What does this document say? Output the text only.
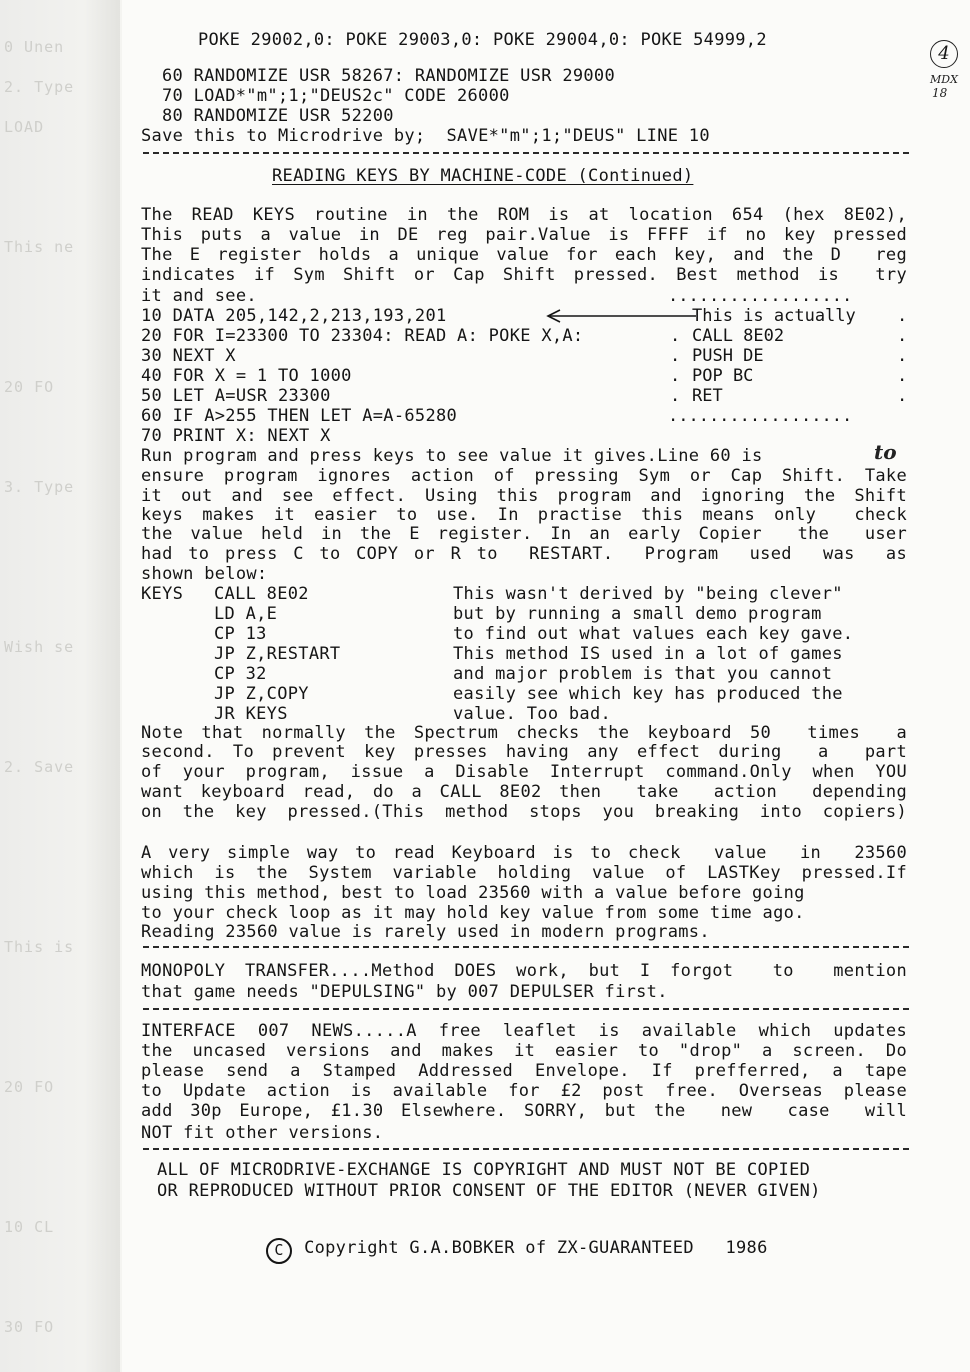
0 Unen
2. Type
LOAD
This ne
20 FO
3. Type
Wish se
2. Save
This is
20 FO
10 CL
30 FO
4
MDX
18
POKE 29002,0: POKE 29003,0: POKE 29004,0: POKE 54999,2
60 RANDOMIZE USR 58267: RANDOMIZE USR 29000
70 LOAD*"m";1;"DEUS2c" CODE 26000
80 RANDOMIZE USR 52200
Save this to Microdrive by;  SAVE*"m";1;"DEUS" LINE 10
READING KEYS BY MACHINE-CODE (Continued)
The READ KEYS routine in the ROM is at location 654 (hex 8E02),
This puts a value in DE reg pair.Value is FFFF if no key pressed
The E register holds a unique value for each key, and the D  reg
indicates if Sym Shift or Cap Shift pressed. Best method is  try
it and see.
10 DATA 205,142,2,213,193,201
20 FOR I=23300 TO 23304: READ A: POKE X,A:
30 NEXT X
40 FOR X = 1 TO 1000
50 LET A=USR 23300
60 IF A>255 THEN LET A=A-65280
70 PRINT X: NEXT X
..................
This is actually
CALL 8E02
PUSH DE
POP BC
RET
..................
.
.
.
.
.
.
.
.
.
Run program and press keys to see value it gives.Line 60 is	to
ensure program ignores action of pressing Sym or Cap Shift. Take
it out and see effect. Using this program and ignoring the Shift
keys makes it easier to use. In practise this means only  check
the value held in the E register. In an early Copier  the  user
had to press C to COPY or R to  RESTART.  Program  used  was  as
shown below:
KEYS CALL 8E02
LD A,E
CP 13
JP Z,RESTART
CP 32
JP Z,COPY
JR KEYS
This wasn't derived by "being clever"
but by running a small demo program
to find out what values each key gave.
This method IS used in a lot of games
and major problem is that you cannot
easily see which key has produced the
value. Too bad.
Note that normally the Spectrum checks the keyboard 50  times  a
second. To prevent key presses having any effect during  a  part
of your program, issue a Disable Interrupt command.Only when YOU
want keyboard read, do a CALL 8E02 then  take  action  depending
on the key pressed.(This method stops you breaking into copiers)
A very simple way to read Keyboard is to check  value  in  23560
which is the System variable holding value of LASTKey pressed.If
using this method, best to load 23560 with a value before going
to your check loop as it may hold key value from some time ago.
Reading 23560 value is rarely used in modern programs.
MONOPOLY TRANSFER....Method DOES work, but I forgot  to  mention
that game needs "DEPULSING" by 007 DEPULSER first.
INTERFACE 007 NEWS.....A free leaflet is available which updates
the uncased versions and makes it easier to "drop" a screen. Do
please send a Stamped Addressed Envelope. If prefferred, a tape
to Update action is available for £2 post free. Overseas please
add 30p Europe, £1.30 Elsewhere. SORRY, but the  new  case  will
NOT fit other versions.
ALL OF MICRODRIVE-EXCHANGE IS COPYRIGHT AND MUST NOT BE COPIED
OR REPRODUCED WITHOUT PRIOR CONSENT OF THE EDITOR (NEVER GIVEN)

C Copyright G.A.BOBKER of ZX-GUARANTEED   1986
